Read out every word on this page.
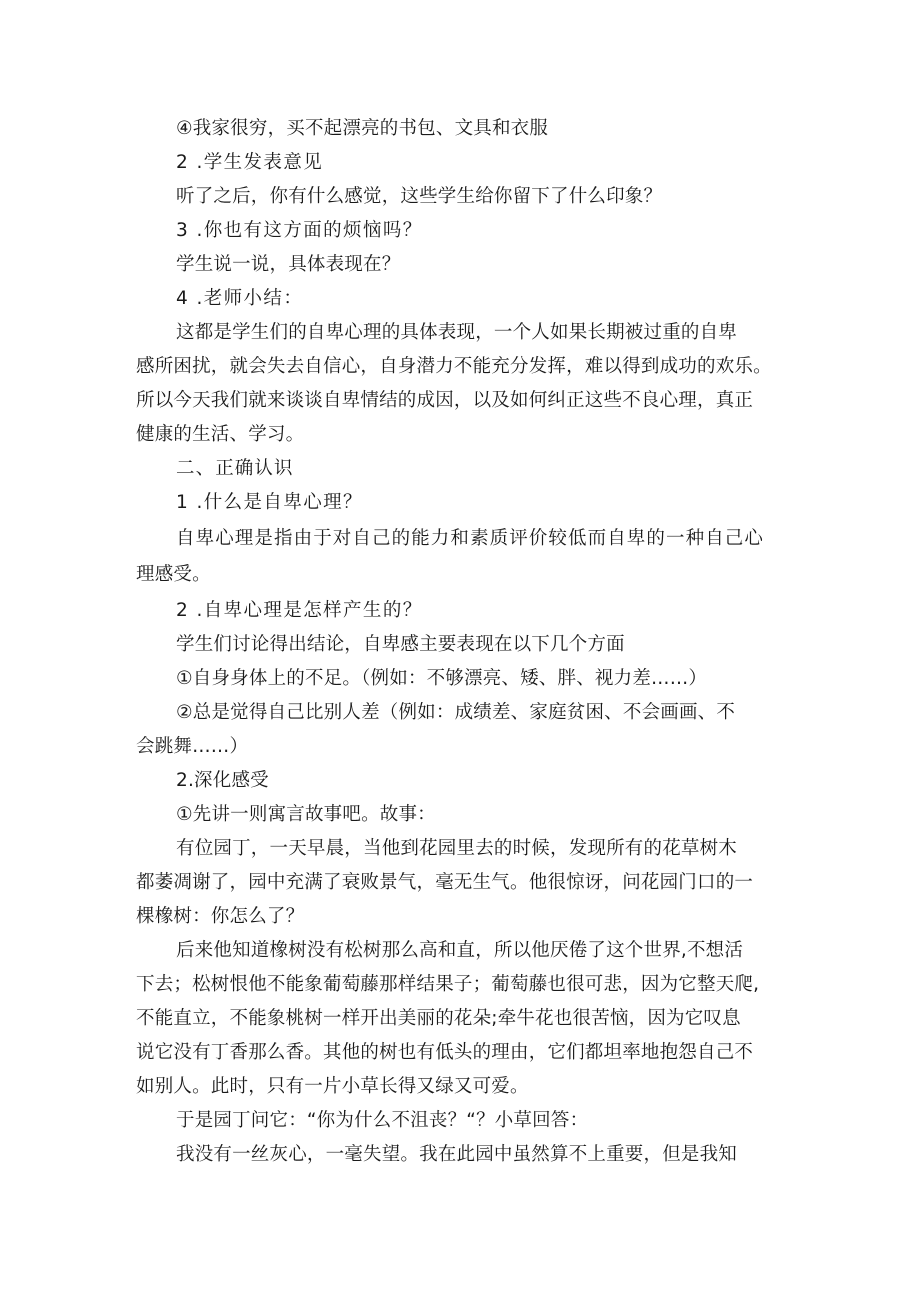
④我家很穷，买不起漂亮的书包、文具和衣服
2 .学生发表意见
听了之后，你有什么感觉，这些学生给你留下了什么印象？
3 .你也有这方面的烦恼吗？
学生说一说，具体表现在？
4 .老师小结：
这都是学生们的自卑心理的具体表现，一个人如果长期被过重的自卑
感所困扰，就会失去自信心，自身潜力不能充分发挥，难以得到成功的欢乐。
所以今天我们就来谈谈自卑情结的成因，以及如何纠正这些不良心理，真正
健康的生活、学习。
二、正确认识
1 .什么是自卑心理？
自卑心理是指由于对自己的能力和素质评价较低而自卑的一种自己心
理感受。
2 .自卑心理是怎样产生的？
学生们讨论得出结论，自卑感主要表现在以下几个方面
①自身身体上的不足。（例如：不够漂亮、矮、胖、视力差……）
②总是觉得自己比别人差（例如：成绩差、家庭贫困、不会画画、不
会跳舞……）
2.深化感受
①先讲一则寓言故事吧。故事：
有位园丁，一天早晨，当他到花园里去的时候，发现所有的花草树木
都萎凋谢了，园中充满了衰败景气，毫无生气。他很惊讶，问花园门口的一
棵橡树：你怎么了？
后来他知道橡树没有松树那么高和直，所以他厌倦了这个世界,不想活
下去；松树恨他不能象葡萄藤那样结果子；葡萄藤也很可悲，因为它整天爬,
不能直立，不能象桃树一样开出美丽的花朵;牵牛花也很苦恼，因为它叹息
说它没有丁香那么香。其他的树也有低头的理由，它们都坦率地抱怨自己不
如别人。此时，只有一片小草长得又绿又可爱。
于是园丁问它：“你为什么不沮丧？“？小草回答：
我没有一丝灰心，一毫失望。我在此园中虽然算不上重要，但是我知
